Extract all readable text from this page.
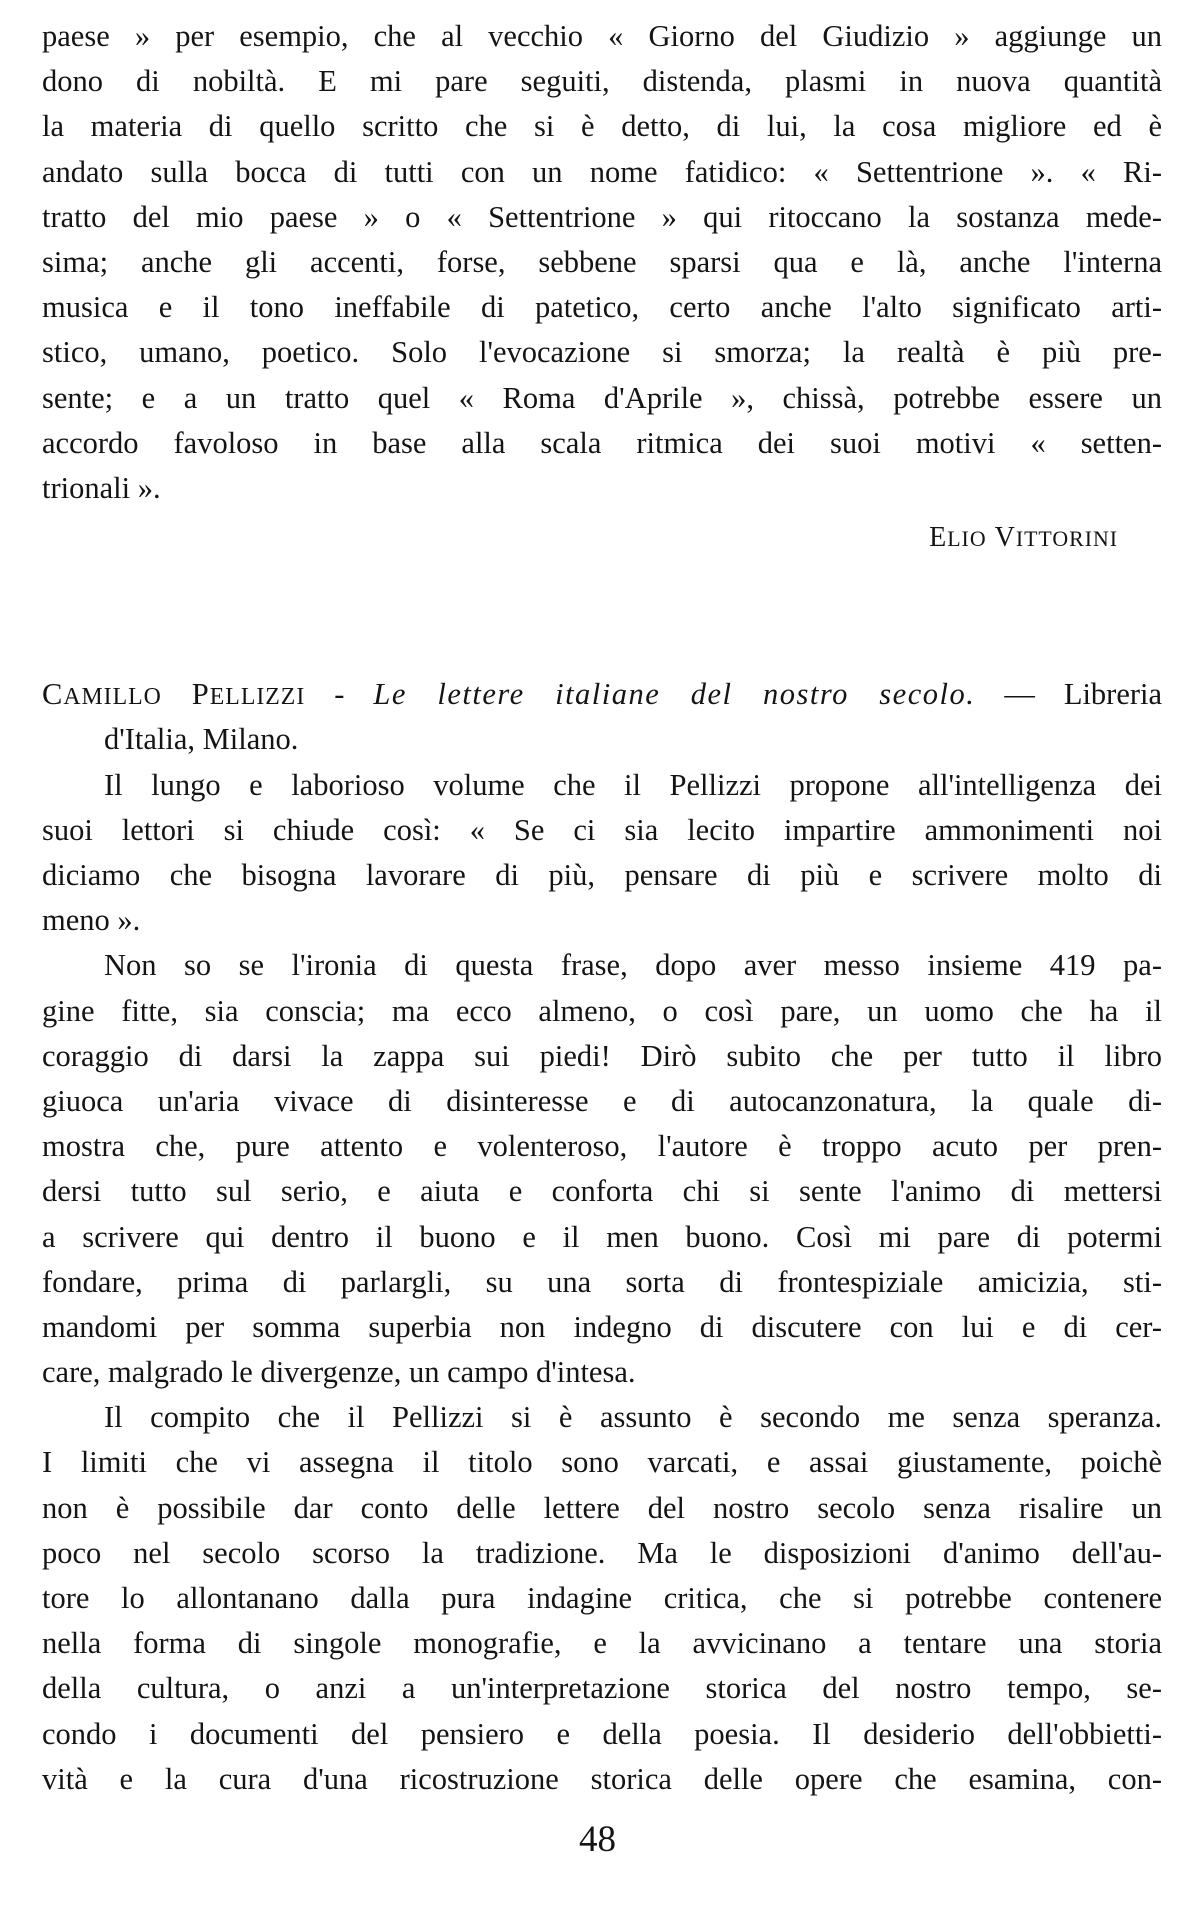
paese » per esempio, che al vecchio « Giorno del Giudizio » aggiunge un
dono di nobiltà. E mi pare seguiti, distenda, plasmi in nuova quantità
la materia di quello scritto che si è detto, di lui, la cosa migliore ed è
andato sulla bocca di tutti con un nome fatidico: « Settentrione ». « Ri-
tratto del mio paese » o « Settentrione » qui ritoccano la sostanza mede-
sima; anche gli accenti, forse, sebbene sparsi qua e là, anche l'interna
musica e il tono ineffabile di patetico, certo anche l'alto significato arti-
stico, umano, poetico. Solo l'evocazione si smorza; la realtà è più pre-
sente; e a un tratto quel « Roma d'Aprile », chissà, potrebbe essere un
accordo favoloso in base alla scala ritmica dei suoi motivi « setten-
trionali ».
ELIO VITTORINI
CAMILLO PELLIZZI - Le lettere italiane del nostro secolo. — Libreria
d'Italia, Milano.
Il lungo e laborioso volume che il Pellizzi propone all'intelligenza dei
suoi lettori si chiude così: « Se ci sia lecito impartire ammonimenti noi
diciamo che bisogna lavorare di più, pensare di più e scrivere molto di
meno ».
Non so se l'ironia di questa frase, dopo aver messo insieme 419 pa-
gine fitte, sia conscia; ma ecco almeno, o così pare, un uomo che ha il
coraggio di darsi la zappa sui piedi! Dirò subito che per tutto il libro
giuoca un'aria vivace di disinteresse e di autocanzonatura, la quale di-
mostra che, pure attento e volenteroso, l'autore è troppo acuto per pren-
dersi tutto sul serio, e aiuta e conforta chi si sente l'animo di mettersi
a scrivere qui dentro il buono e il men buono. Così mi pare di potermi
fondare, prima di parlargli, su una sorta di frontespiziale amicizia, sti-
mandomi per somma superbia non indegno di discutere con lui e di cer-
care, malgrado le divergenze, un campo d'intesa.
Il compito che il Pellizzi si è assunto è secondo me senza speranza.
I limiti che vi assegna il titolo sono varcati, e assai giustamente, poichè
non è possibile dar conto delle lettere del nostro secolo senza risalire un
poco nel secolo scorso la tradizione. Ma le disposizioni d'animo dell'au-
tore lo allontanano dalla pura indagine critica, che si potrebbe contenere
nella forma di singole monografie, e la avvicinano a tentare una storia
della cultura, o anzi a un'interpretazione storica del nostro tempo, se-
condo i documenti del pensiero e della poesia. Il desiderio dell'obbietti-
vità e la cura d'una ricostruzione storica delle opere che esamina, con-
48
